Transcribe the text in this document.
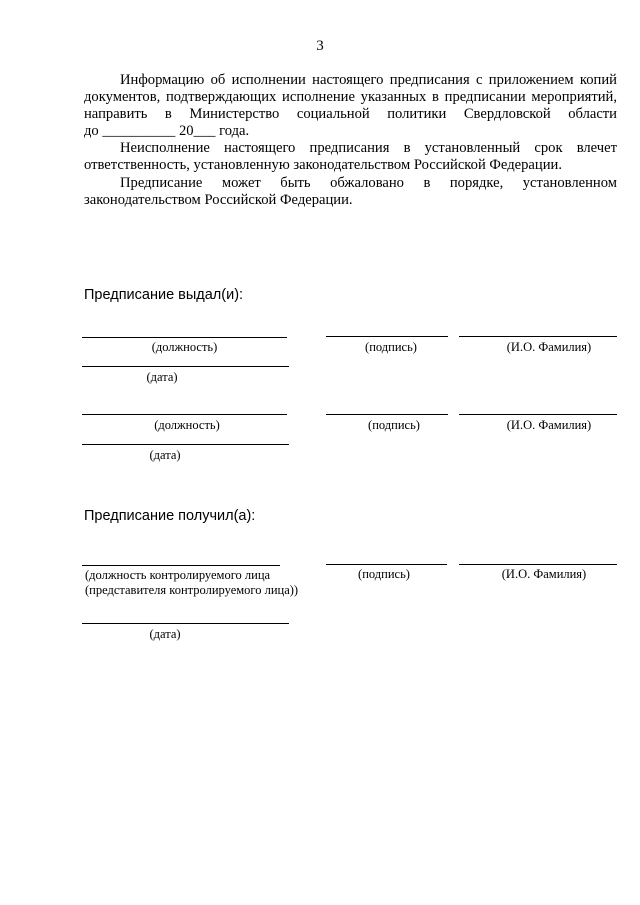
3
Информацию об исполнении настоящего предписания с приложением копий
документов, подтверждающих исполнение указанных в предписании мероприятий,
направить в Министерство социальной политики Свердловской области
до __________ 20___ года.
Неисполнение настоящего предписания в установленный срок влечет
ответственность, установленную законодательством Российской Федерации.
Предписание может быть обжаловано в порядке, установленном
законодательством Российской Федерации.
Предписание выдал(и):
(должность)	(подпись)	(И.О. Фамилия)
(дата)
(должность)	(подпись)	(И.О. Фамилия)
(дата)
Предписание получил(а):
(должность контролируемого лица
(представителя контролируемого лица))
(подпись)	(И.О. Фамилия)
(дата)
